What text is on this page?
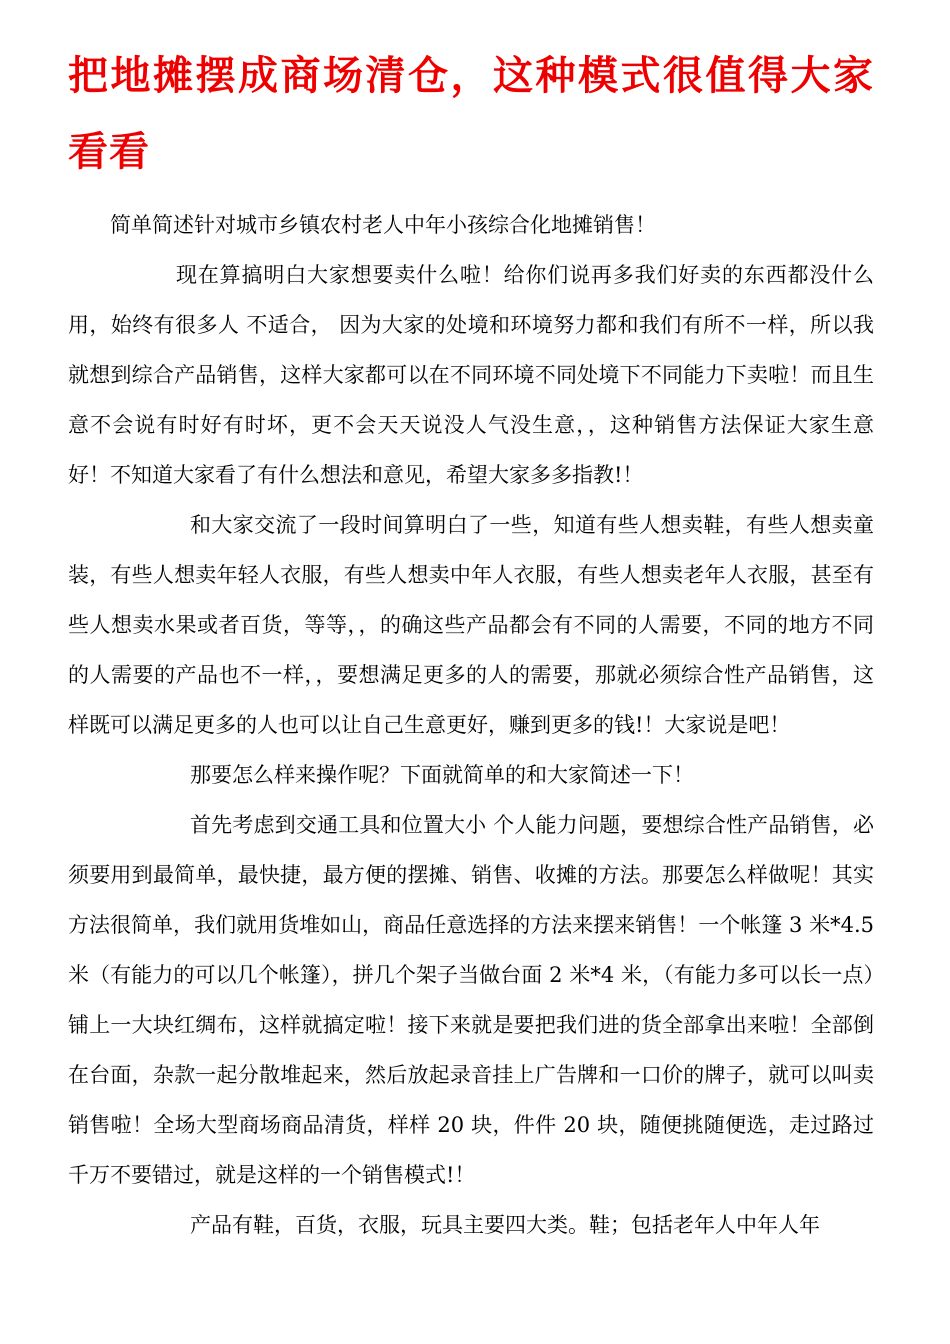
把地摊摆成商场清仓，这种模式很值得大家看看

简单简述针对城市乡镇农村老人中年小孩综合化地摊销售！

现在算搞明白大家想要卖什么啦！给你们说再多我们好卖的东西都没什么用，始终有很多人 不适合， 因为大家的处境和环境努力都和我们有所不一样，所以我就想到综合产品销售，这样大家都可以在不同环境不同处境下不同能力下卖啦！而且生意不会说有时好有时坏，更不会天天说没人气没生意，，这种销售方法保证大家生意好！不知道大家看了有什么想法和意见，希望大家多多指教!！

和大家交流了一段时间算明白了一些，知道有些人想卖鞋，有些人想卖童装，有些人想卖年轻人衣服，有些人想卖中年人衣服，有些人想卖老年人衣服，甚至有些人想卖水果或者百货，等等，，的确这些产品都会有不同的人需要，不同的地方不同的人需要的产品也不一样，，要想满足更多的人的需要，那就必须综合性产品销售，这样既可以满足更多的人也可以让自己生意更好，赚到更多的钱!！大家说是吧！

那要怎么样来操作呢？下面就简单的和大家简述一下！

首先考虑到交通工具和位置大小 个人能力问题，要想综合性产品销售，必须要用到最简单，最快捷，最方便的摆摊、销售、收摊的方法。那要怎么样做呢！其实方法很简单，我们就用货堆如山，商品任意选择的方法来摆来销售！一个帐篷 3 米*4.5 米（有能力的可以几个帐篷），拼几个架子当做台面 2 米*4 米，（有能力多可以长一点）铺上一大块红绸布，这样就搞定啦！接下来就是要把我们进的货全部拿出来啦！全部倒在台面，杂款一起分散堆起来，然后放起录音挂上广告牌和一口价的牌子，就可以叫卖销售啦！全场大型商场商品清货，样样 20 块，件件 20 块，随便挑随便选，走过路过千万不要错过，就是这样的一个销售模式!！

产品有鞋，百货，衣服，玩具主要四大类。鞋；包括老年人中年人年
